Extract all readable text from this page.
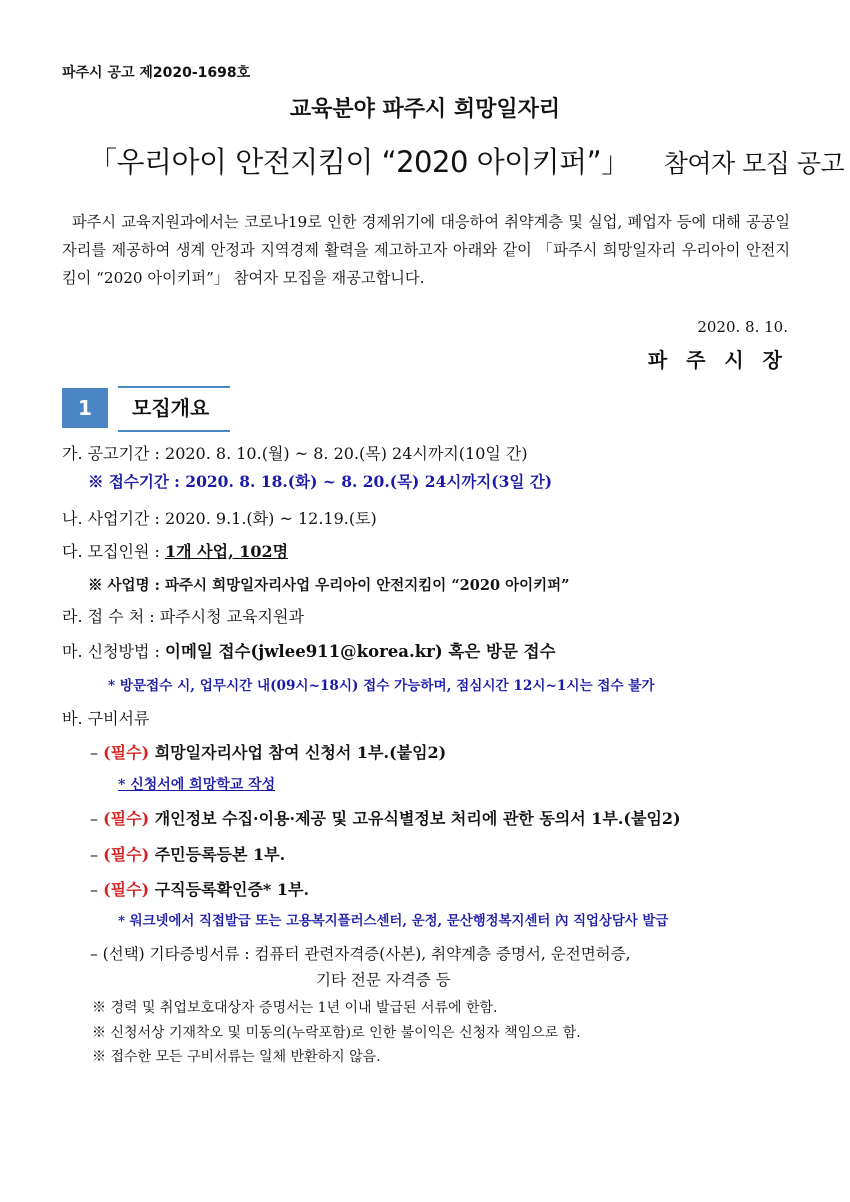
파주시 공고 제2020-1698호
교육분야 파주시 희망일자리
「우리아이 안전지킴이 “2020 아이키퍼”」 참여자 모집 공고
파주시 교육지원과에서는 코로나19로 인한 경제위기에 대응하여 취약계층 및 실업, 폐업자 등에 대해 공공일자리를 제공하여 생계 안정과 지역경제 활력을 제고하고자 아래와 같이 「파주시 희망일자리 우리아이 안전지킴이 “2020 아이키퍼”」 참여자 모집을 재공고합니다.
2020. 8. 10.
파 주 시 장
1	모집개요
가. 공고기간 : 2020. 8. 10.(월) ~ 8. 20.(목) 24시까지(10일 간)
※ 접수기간 : 2020. 8. 18.(화) ~ 8. 20.(목) 24시까지(3일 간)
나. 사업기간 : 2020. 9.1.(화) ~ 12.19.(토)
다. 모집인원 : 1개 사업, 102명
※ 사업명 : 파주시 희망일자리사업 우리아이 안전지킴이 “2020 아이키퍼”
라. 접 수 처 : 파주시청 교육지원과
마. 신청방법 : 이메일 접수(jwlee911@korea.kr) 혹은 방문 접수
* 방문접수 시, 업무시간 내(09시~18시) 접수 가능하며, 점심시간 12시~1시는 접수 불가
바. 구비서류
– (필수) 희망일자리사업 참여 신청서 1부.(붙임2)
* 신청서에 희망학교 작성
– (필수) 개인정보 수집·이용·제공 및 고유식별정보 처리에 관한 동의서 1부.(붙임2)
– (필수) 주민등록등본 1부.
– (필수) 구직등록확인증* 1부.
* 워크넷에서 직접발급 또는 고용복지플러스센터, 운정, 문산행정복지센터 內 직업상담사 발급
– (선택) 기타증빙서류 : 컴퓨터 관련자격증(사본), 취약계층 증명서, 운전면허증,
기타 전문 자격증 등
※ 경력 및 취업보호대상자 증명서는 1년 이내 발급된 서류에 한함.
※ 신청서상 기재착오 및 미동의(누락포함)로 인한 불이익은 신청자 책임으로 함.
※ 접수한 모든 구비서류는 일체 반환하지 않음.
